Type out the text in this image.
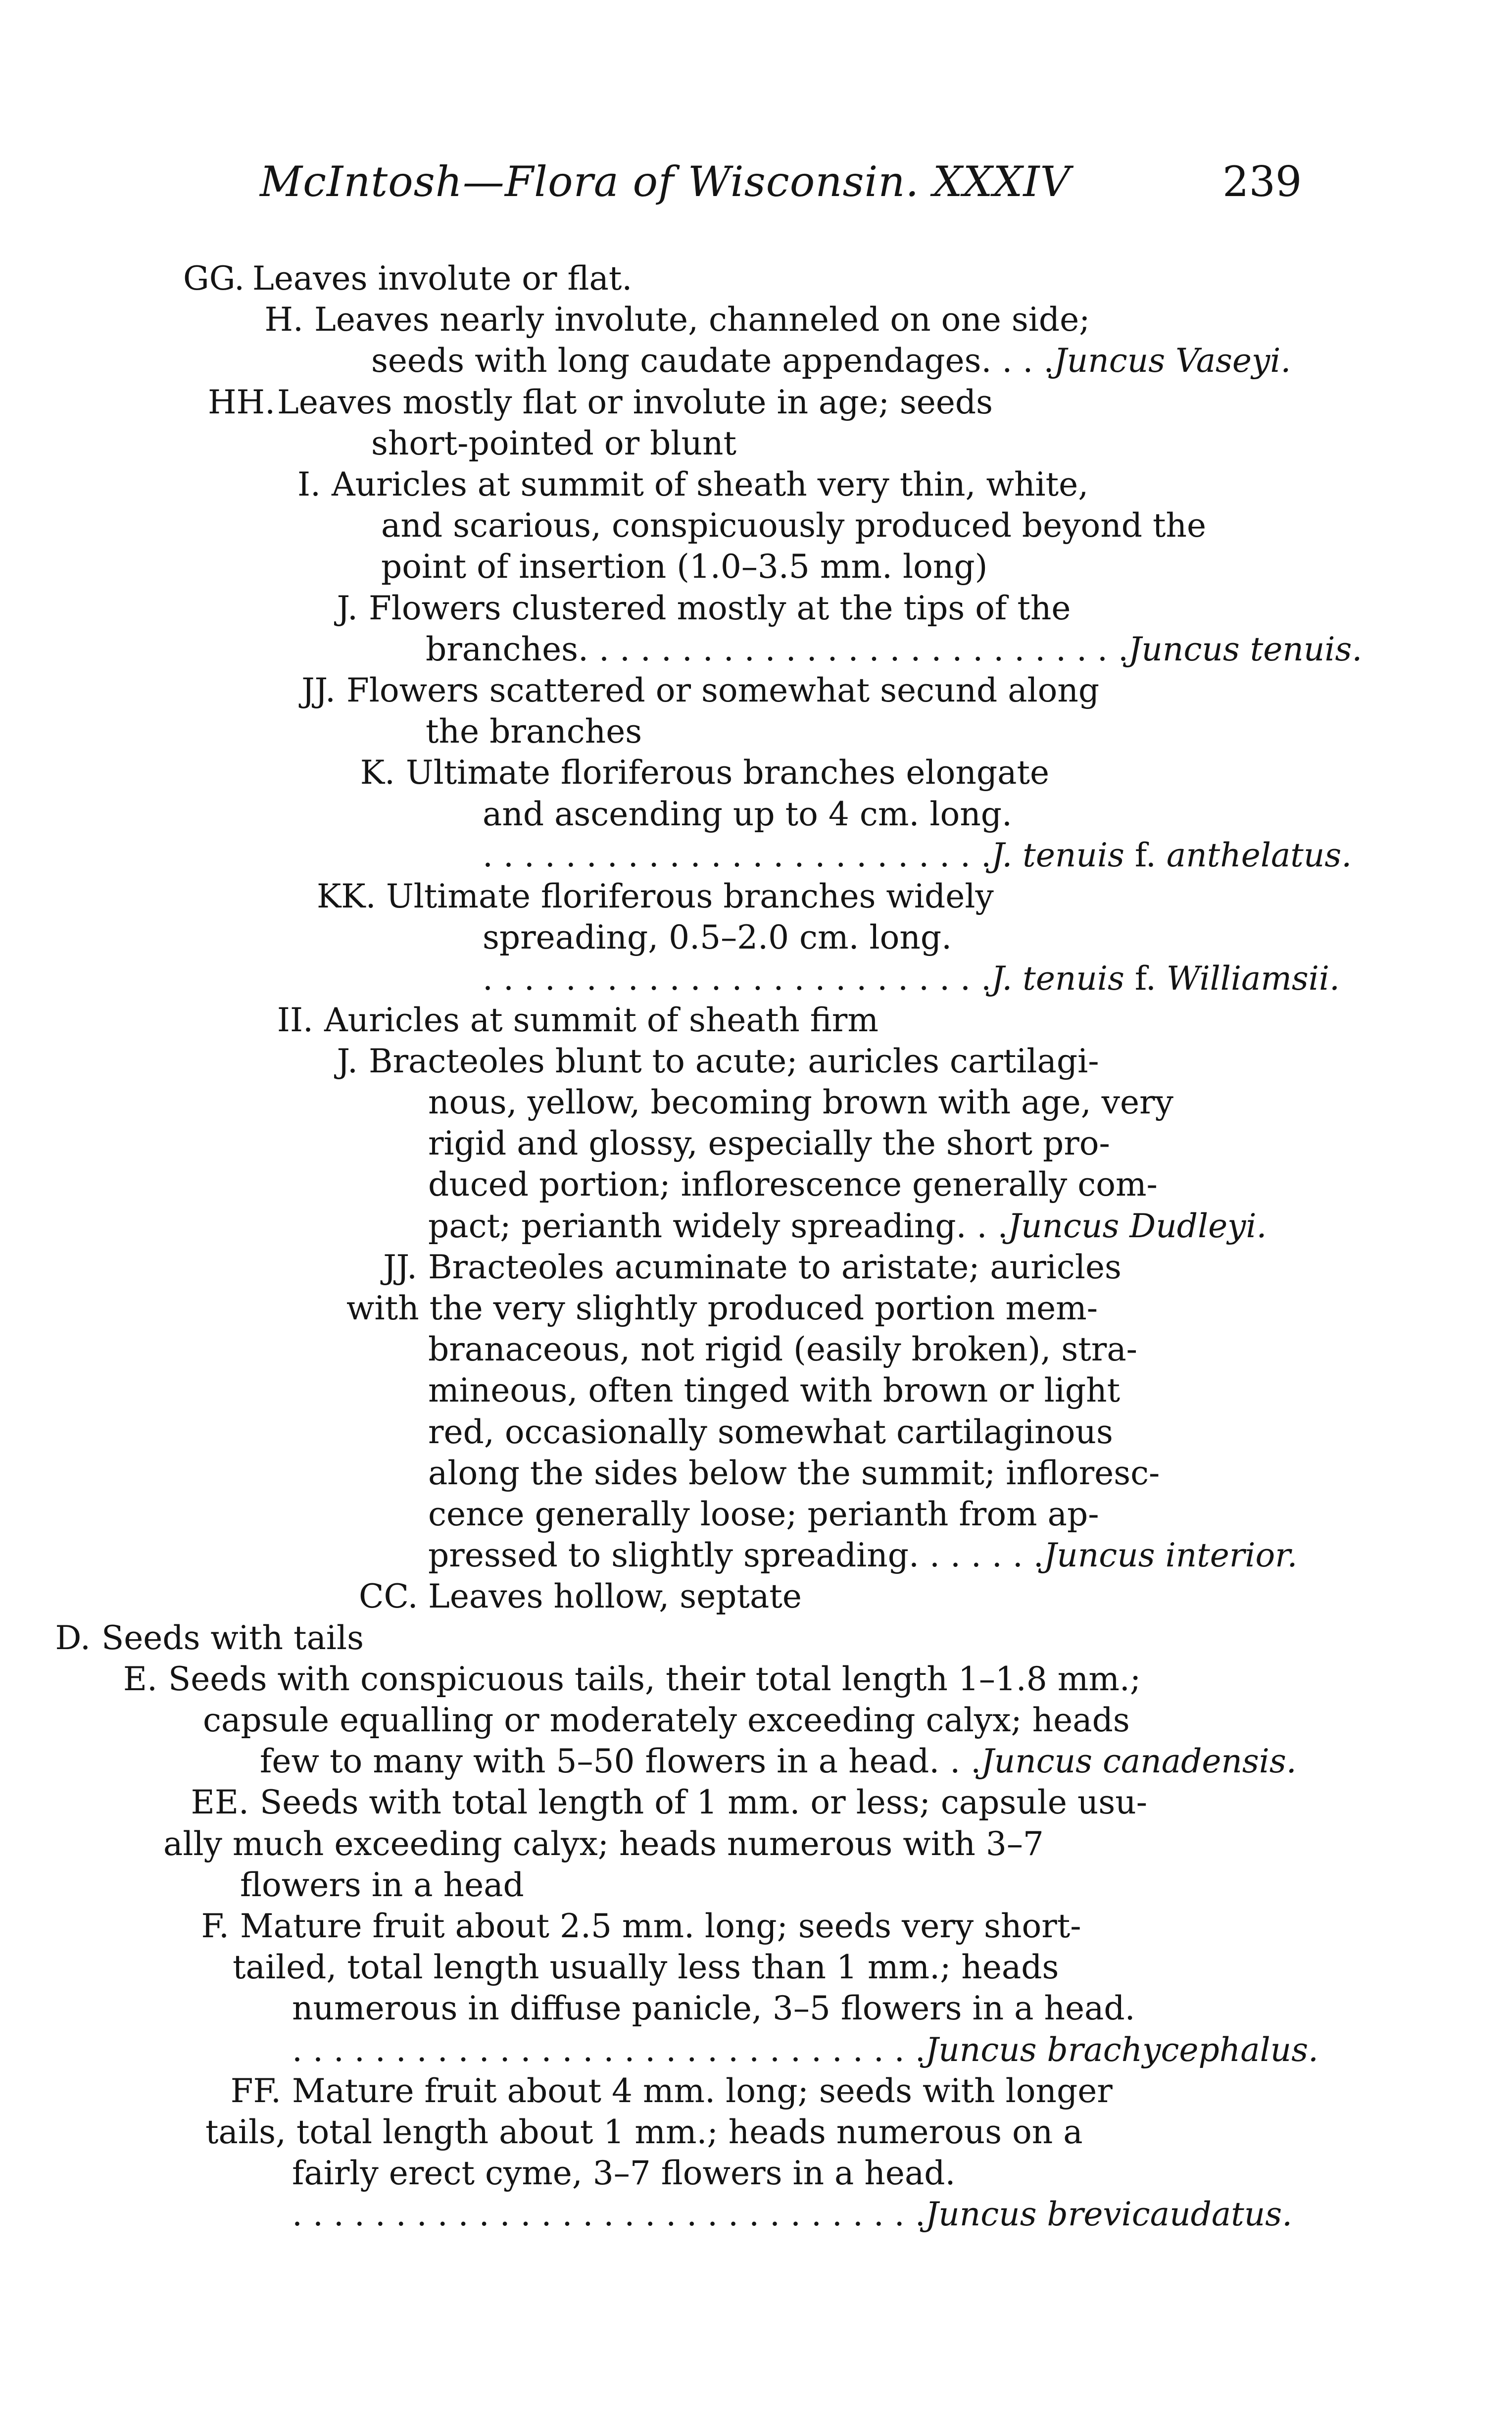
McIntosh—Flora of Wisconsin. XXXIV	239
GG. Leaves involute or flat.
H. Leaves nearly involute, channeled on one side;
seeds with long caudate appendages. . . .Juncus Vaseyi.
HH.Leaves mostly flat or involute in age; seeds
short-pointed or blunt
I. Auricles at summit of sheath very thin, white,
and scarious, conspicuously produced beyond the
point of insertion (1.0–3.5 mm. long)
J. Flowers clustered mostly at the tips of the
branches. . . . . . . . . . . . . . . . . . . . . . . . . . .Juncus tenuis.
JJ. Flowers scattered or somewhat secund along
the branches
K. Ultimate floriferous branches elongate
and ascending up to 4 cm. long.
. . . . . . . . . . . . . . . . . . . . . . . . .J. tenuis f. anthelatus.
KK. Ultimate floriferous branches widely
spreading, 0.5–2.0 cm. long.
. . . . . . . . . . . . . . . . . . . . . . . . .J. tenuis f. Williamsii.
II. Auricles at summit of sheath firm
J. Bracteoles blunt to acute; auricles cartilagi-
nous, yellow, becoming brown with age, very
rigid and glossy, especially the short pro-
duced portion; inflorescence generally com-
pact; perianth widely spreading. . .Juncus Dudleyi.
JJ. Bracteoles acuminate to aristate; auricles
with the very slightly produced portion mem-
branaceous, not rigid (easily broken), stra-
mineous, often tinged with brown or light
red, occasionally somewhat cartilaginous
along the sides below the summit; infloresc-
cence generally loose; perianth from ap-
pressed to slightly spreading. . . . . . .Juncus interior.
CC. Leaves hollow, septate
D. Seeds with tails
E. Seeds with conspicuous tails, their total length 1–1.8 mm.;
capsule equalling or moderately exceeding calyx; heads
few to many with 5–50 flowers in a head. . .Juncus canadensis.
EE. Seeds with total length of 1 mm. or less; capsule usu-
ally much exceeding calyx; heads numerous with 3–7
flowers in a head
F. Mature fruit about 2.5 mm. long; seeds very short-
tailed, total length usually less than 1 mm.; heads
numerous in diffuse panicle, 3–5 flowers in a head.
. . . . . . . . . . . . . . . . . . . . . . . . . . . . . . .Juncus brachycephalus.
FF. Mature fruit about 4 mm. long; seeds with longer
tails, total length about 1 mm.; heads numerous on a
fairly erect cyme, 3–7 flowers in a head.
. . . . . . . . . . . . . . . . . . . . . . . . . . . . . . .Juncus brevicaudatus.
